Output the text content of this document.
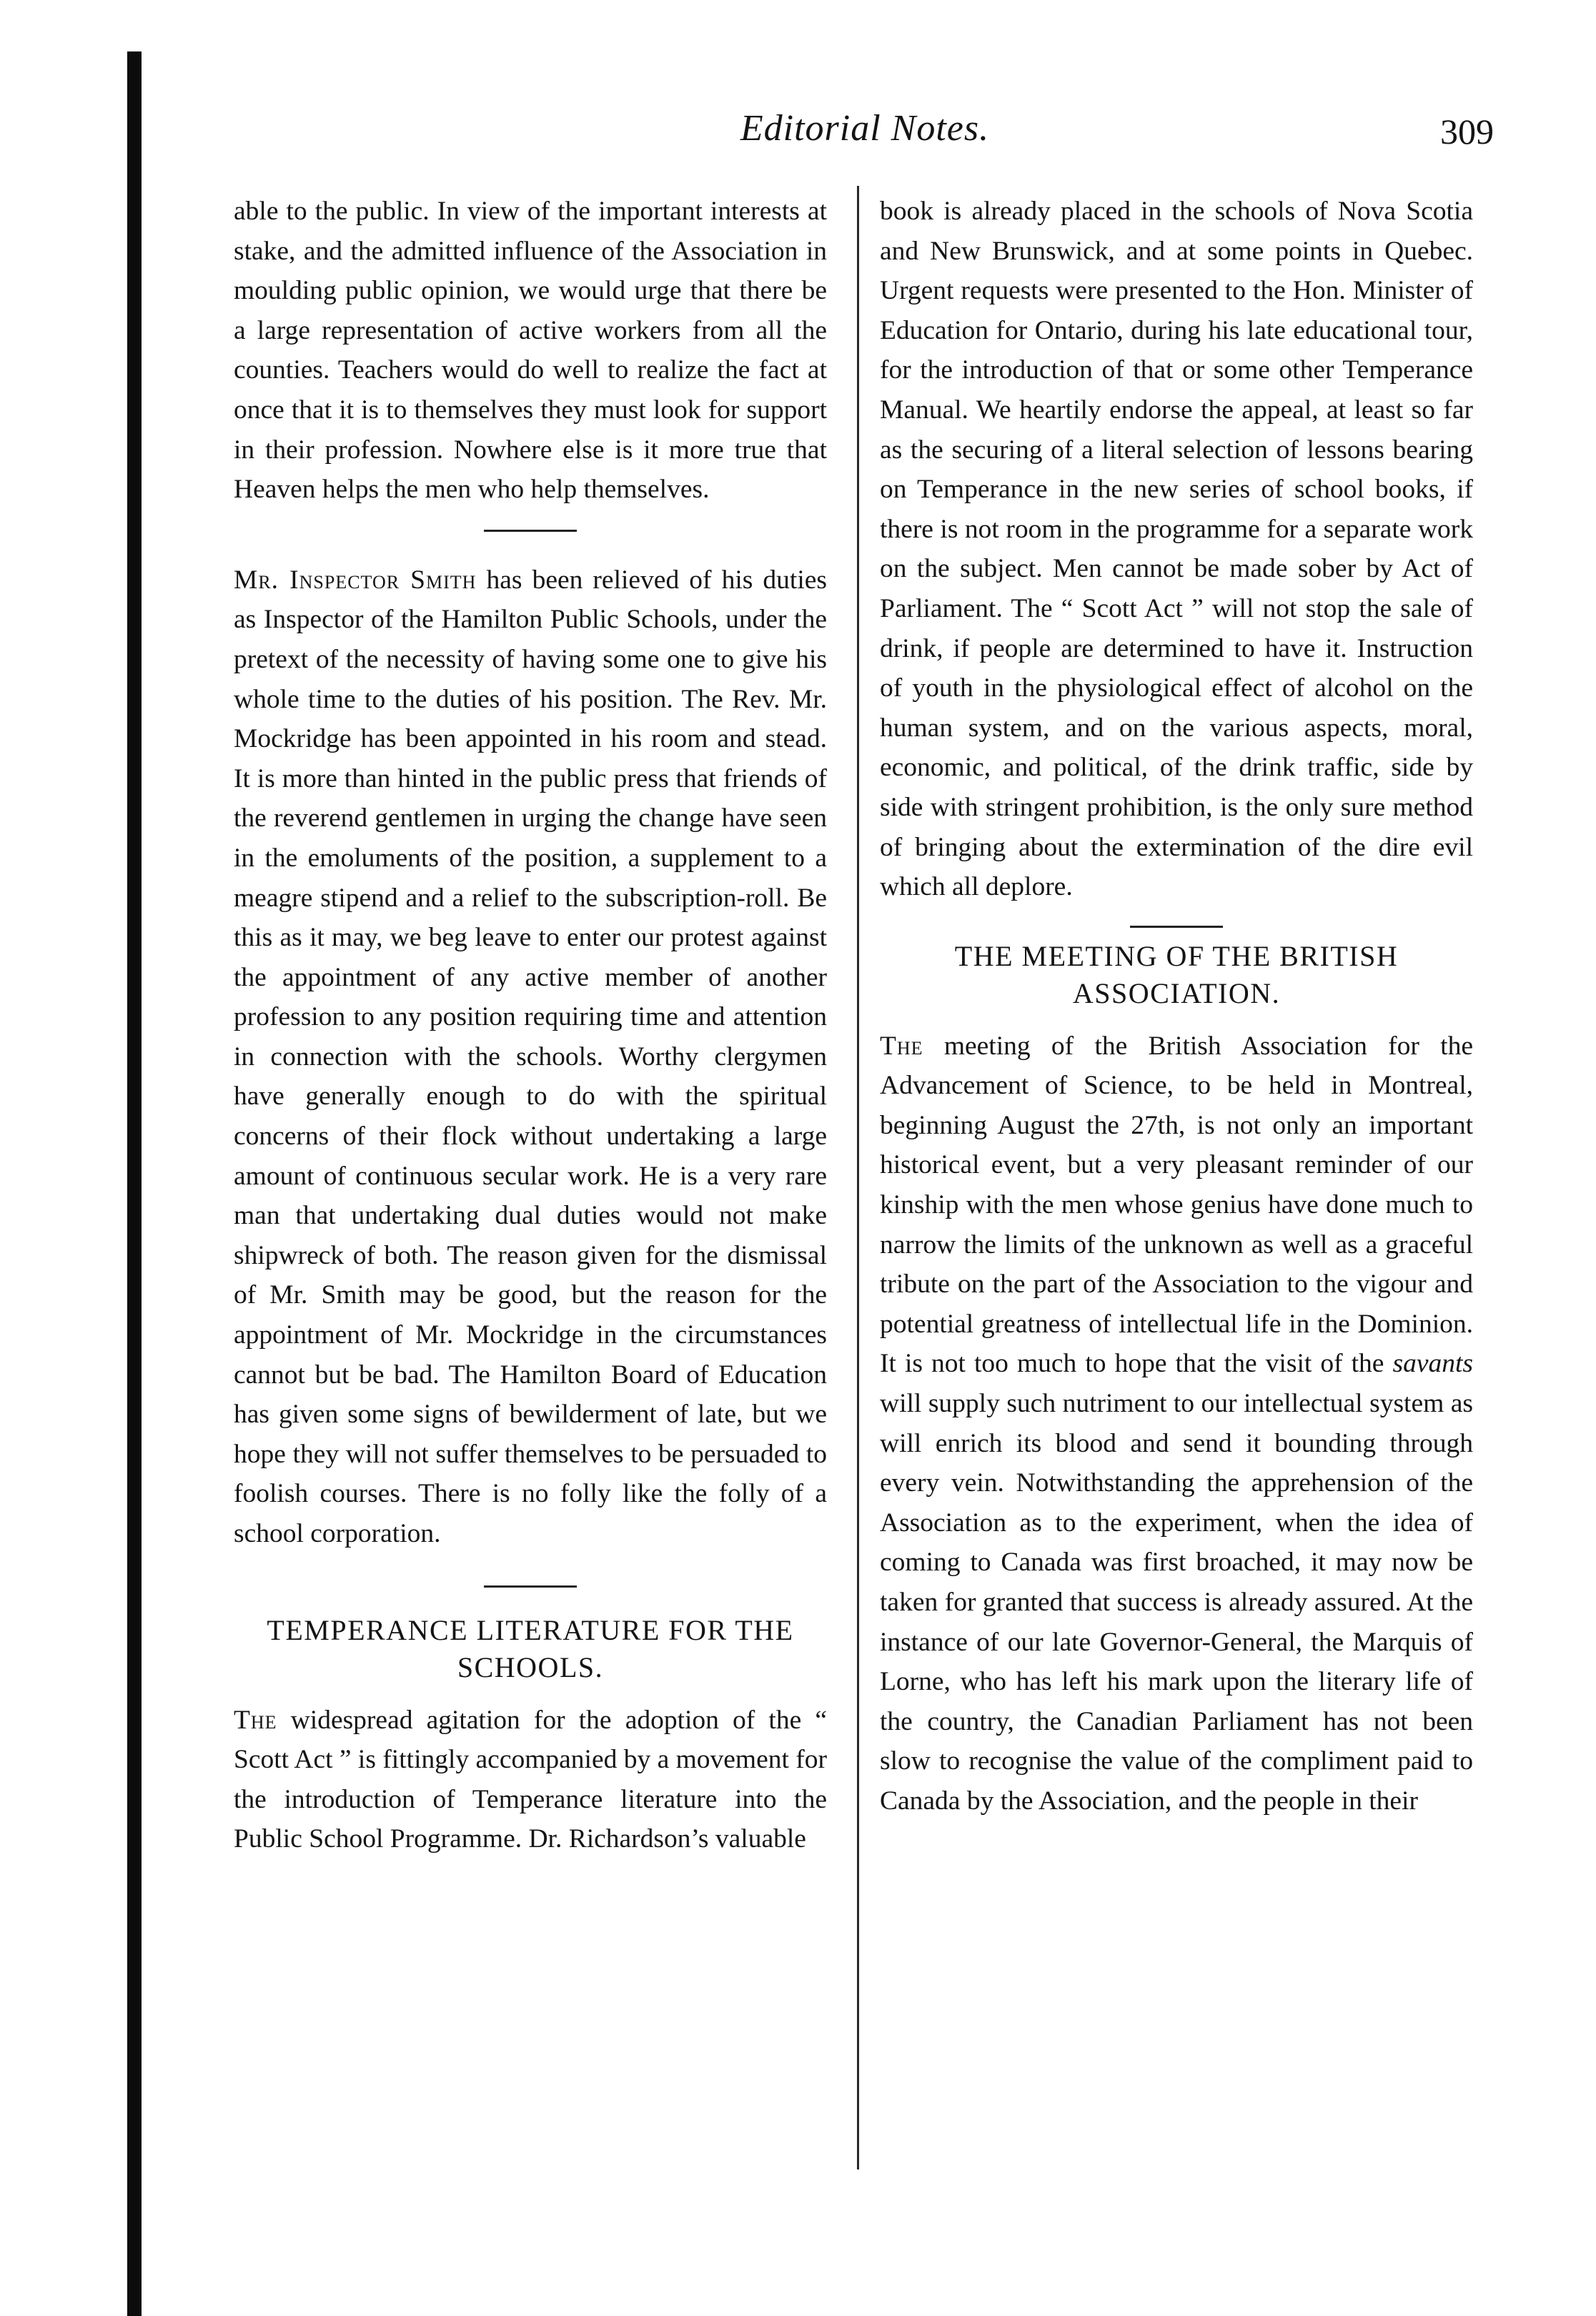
Editorial Notes.	309

able to the public. In view of the important interests at stake, and the admitted influence of the Association in moulding public opinion, we would urge that there be a large representation of active workers from all the counties. Teachers would do well to realize the fact at once that it is to themselves they must look for support in their profession. Nowhere else is it more true that Heaven helps the men who help themselves.

Mr. Inspector Smith has been relieved of his duties as Inspector of the Hamilton Public Schools, under the pretext of the necessity of having some one to give his whole time to the duties of his position. The Rev. Mr. Mockridge has been appointed in his room and stead. It is more than hinted in the public press that friends of the reverend gentlemen in urging the change have seen in the emoluments of the position, a supplement to a meagre stipend and a relief to the subscription-roll. Be this as it may, we beg leave to enter our protest against the appointment of any active member of another profession to any position requiring time and attention in connection with the schools. Worthy clergymen have generally enough to do with the spiritual concerns of their flock without undertaking a large amount of continuous secular work. He is a very rare man that undertaking dual duties would not make shipwreck of both. The reason given for the dismissal of Mr. Smith may be good, but the reason for the appointment of Mr. Mockridge in the circumstances cannot but be bad. The Hamilton Board of Education has given some signs of bewilderment of late, but we hope they will not suffer themselves to be persuaded to foolish courses. There is no folly like the folly of a school corporation.

TEMPERANCE LITERATURE FOR THE SCHOOLS.

The widespread agitation for the adoption of the “ Scott Act ” is fittingly accompanied by a movement for the introduction of Temperance literature into the Public School Programme. Dr. Richardson’s valuable

book is already placed in the schools of Nova Scotia and New Brunswick, and at some points in Quebec. Urgent requests were presented to the Hon. Minister of Education for Ontario, during his late educational tour, for the introduction of that or some other Temperance Manual. We heartily endorse the appeal, at least so far as the securing of a literal selection of lessons bearing on Temperance in the new series of school books, if there is not room in the programme for a separate work on the subject. Men cannot be made sober by Act of Parliament. The “ Scott Act ” will not stop the sale of drink, if people are determined to have it. Instruction of youth in the physiological effect of alcohol on the human system, and on the various aspects, moral, economic, and political, of the drink traffic, side by side with stringent prohibition, is the only sure method of bringing about the extermination of the dire evil which all deplore.

THE MEETING OF THE BRITISH ASSOCIATION.

The meeting of the British Association for the Advancement of Science, to be held in Montreal, beginning August the 27th, is not only an important historical event, but a very pleasant reminder of our kinship with the men whose genius have done much to narrow the limits of the unknown as well as a graceful tribute on the part of the Association to the vigour and potential greatness of intellectual life in the Dominion. It is not too much to hope that the visit of the savants will supply such nutriment to our intellectual system as will enrich its blood and send it bounding through every vein. Notwithstanding the apprehension of the Association as to the experiment, when the idea of coming to Canada was first broached, it may now be taken for granted that success is already assured. At the instance of our late Governor-General, the Marquis of Lorne, who has left his mark upon the literary life of the country, the Canadian Parliament has not been slow to recognise the value of the compliment paid to Canada by the Association, and the people in their
